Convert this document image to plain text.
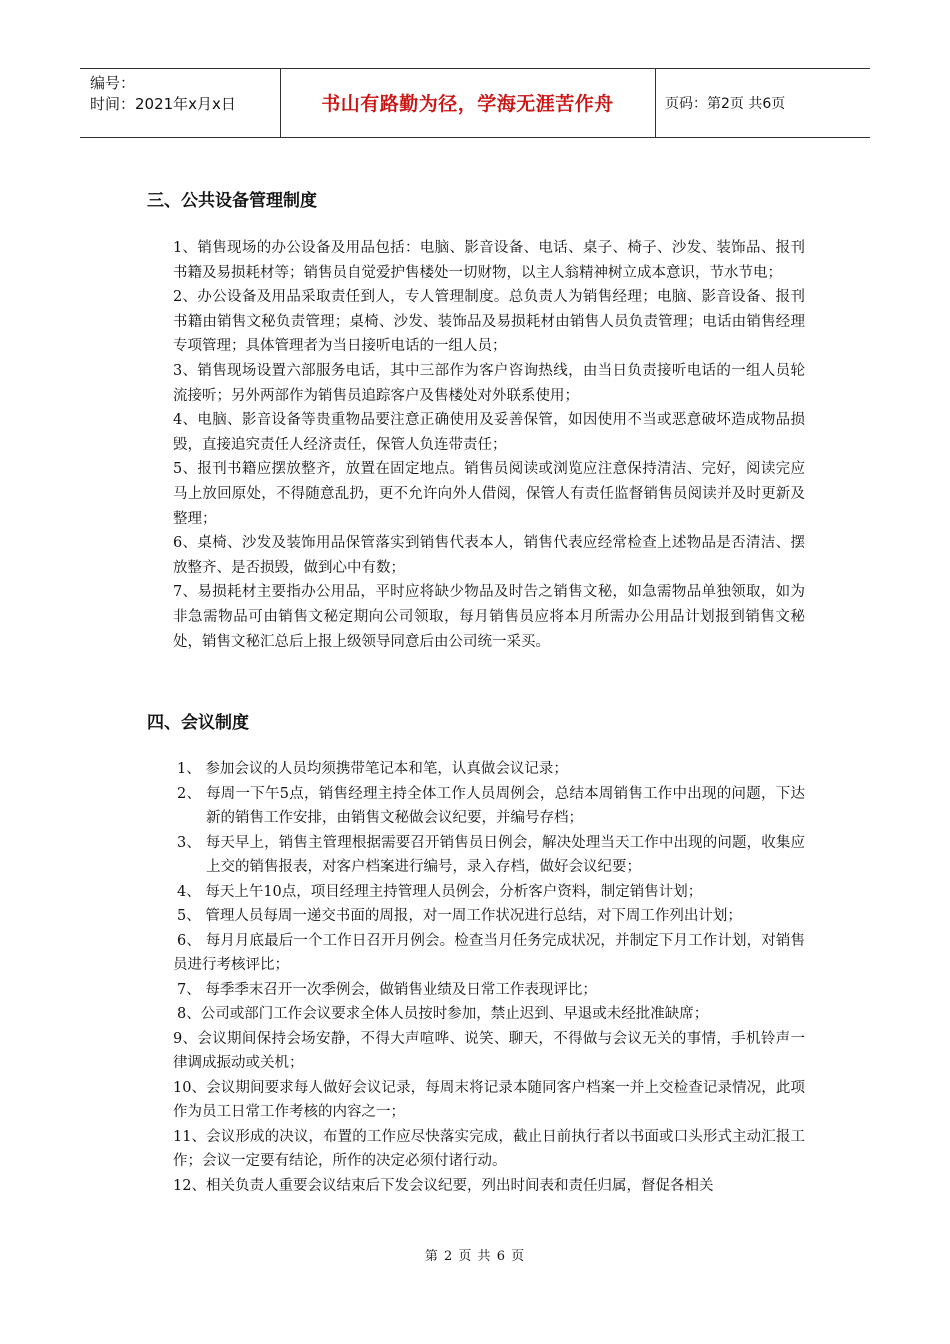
编号：
时间：2021年x月x日	书山有路勤为径，学海无涯苦作舟	页码：第2页 共6页
三、公共设备管理制度

1、销售现场的办公设备及用品包括：电脑、影音设备、电话、桌子、椅子、沙发、装饰品、报刊书籍及易损耗材等；销售员自觉爱护售楼处一切财物，以主人翁精神树立成本意识，节水节电；

2、办公设备及用品采取责任到人，专人管理制度。总负责人为销售经理；电脑、影音设备、报刊书籍由销售文秘负责管理；桌椅、沙发、装饰品及易损耗材由销售人员负责管理；电话由销售经理专项管理；具体管理者为当日接听电话的一组人员；

3、销售现场设置六部服务电话，其中三部作为客户咨询热线，由当日负责接听电话的一组人员轮流接听；另外两部作为销售员追踪客户及售楼处对外联系使用；

4、电脑、影音设备等贵重物品要注意正确使用及妥善保管，如因使用不当或恶意破坏造成物品损毁，直接追究责任人经济责任，保管人负连带责任；

5、报刊书籍应摆放整齐，放置在固定地点。销售员阅读或浏览应注意保持清洁、完好，阅读完应马上放回原处，不得随意乱扔，更不允许向外人借阅，保管人有责任监督销售员阅读并及时更新及整理；

6、桌椅、沙发及装饰用品保管落实到销售代表本人，销售代表应经常检查上述物品是否清洁、摆放整齐、是否损毁，做到心中有数；

7、易损耗材主要指办公用品，平时应将缺少物品及时告之销售文秘，如急需物品单独领取，如为非急需物品可由销售文秘定期向公司领取，每月销售员应将本月所需办公用品计划报到销售文秘处，销售文秘汇总后上报上级领导同意后由公司统一采买。

四、会议制度

1、 参加会议的人员均须携带笔记本和笔，认真做会议记录；

2、 每周一下午5点，销售经理主持全体工作人员周例会，总结本周销售工作中出现的问题，下达新的销售工作安排，由销售文秘做会议纪要，并编号存档；

3、 每天早上，销售主管理根据需要召开销售员日例会，解决处理当天工作中出现的问题，收集应上交的销售报表，对客户档案进行编号，录入存档，做好会议纪要；

4、 每天上午10点，项目经理主持管理人员例会，分析客户资料，制定销售计划；

5、 管理人员每周一递交书面的周报，对一周工作状况进行总结，对下周工作列出计划；

6、 每月月底最后一个工作日召开月例会。检查当月任务完成状况，并制定下月工作计划，对销售员进行考核评比；

7、 每季季末召开一次季例会，做销售业绩及日常工作表现评比；

8、公司或部门工作会议要求全体人员按时参加，禁止迟到、早退或未经批准缺席；

9、会议期间保持会场安静，不得大声喧哗、说笑、聊天，不得做与会议无关的事情，手机铃声一律调成振动或关机；

10、会议期间要求每人做好会议记录，每周末将记录本随同客户档案一并上交检查记录情况，此项作为员工日常工作考核的内容之一；

11、会议形成的决议，布置的工作应尽快落实完成，截止日前执行者以书面或口头形式主动汇报工作；会议一定要有结论，所作的决定必须付诸行动。

12、相关负责人重要会议结束后下发会议纪要，列出时间表和责任归属，督促各相关

第 2 页 共 6 页
